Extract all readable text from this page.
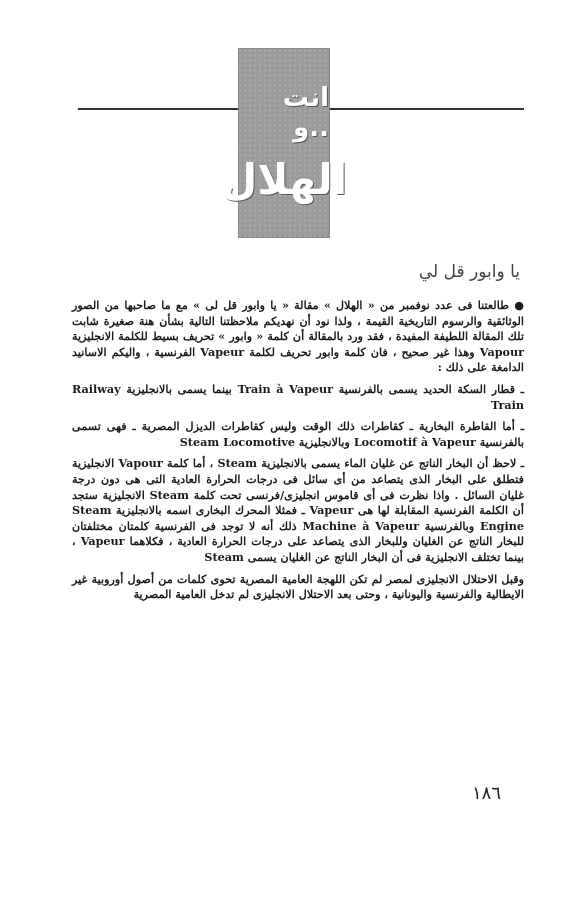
انت ..و
الهلال
يا وابور قل لي

● طالعتنا فى عدد نوفمبر من « الهلال » مقالة « يا وابور قل لى » مع ما صاحبها من الصور الوثائقية والرسوم التاريخية القيمة ، ولذا نود أن نهديكم ملاحظتنا التالية بشأن هنة صغيرة شابت تلك المقالة اللطيفة المفيدة ، فقد ورد بالمقالة أن كلمة « وابور » تحريف بسيط للكلمة الانجليزية Vapour وهذا غير صحيح ، فان كلمة وابور تحريف لكلمة Vapeur الفرنسية ، واليكم الاسانيد الدامغة على ذلك :

ـ قطار السكة الحديد يسمى بالفرنسية Train à Vapeur بينما يسمى بالانجليزية Railway Train

ـ أما القاطرة البخارية ـ كقاطرات ذلك الوقت وليس كقاطرات الديزل المصرية ـ فهى تسمى بالفرنسية Locomotif à Vapeur وبالانجليزية Steam Locomotive

ـ لاحظ أن البخار الناتج عن غليان الماء يسمى بالانجليزية Steam ، أما كلمة Vapour الانجليزية فتطلق على البخار الذى يتصاعد من أى سائل فى درجات الحرارة العادية التى هى دون درجة غليان السائل . واذا نظرت فى أى قاموس انجليزى/فرنسى تحت كلمة Steam الانجليزية ستجد أن الكلمة الفرنسية المقابلة لها هى Vapeur ـ فمثلا المحرك البخارى اسمه بالانجليزية Steam Engine وبالفرنسية Machine à Vapeur ذلك أنه لا توجد فى الفرنسية كلمتان مختلفتان للبخار الناتج عن الغليان وللبخار الذى يتصاعد على درجات الحرارة العادية ، فكلاهما Vapeur ، بينما تختلف الانجليزية فى أن البخار الناتج عن الغليان يسمى Steam

وقبل الاحتلال الانجليزى لمصر لم تكن اللهجة العامية المصرية تحوى كلمات من أصول أوروبية غير الايطالية والفرنسية واليونانية ، وحتى بعد الاحتلال الانجليزى لم تدخل العامية المصرية

١٨٦
